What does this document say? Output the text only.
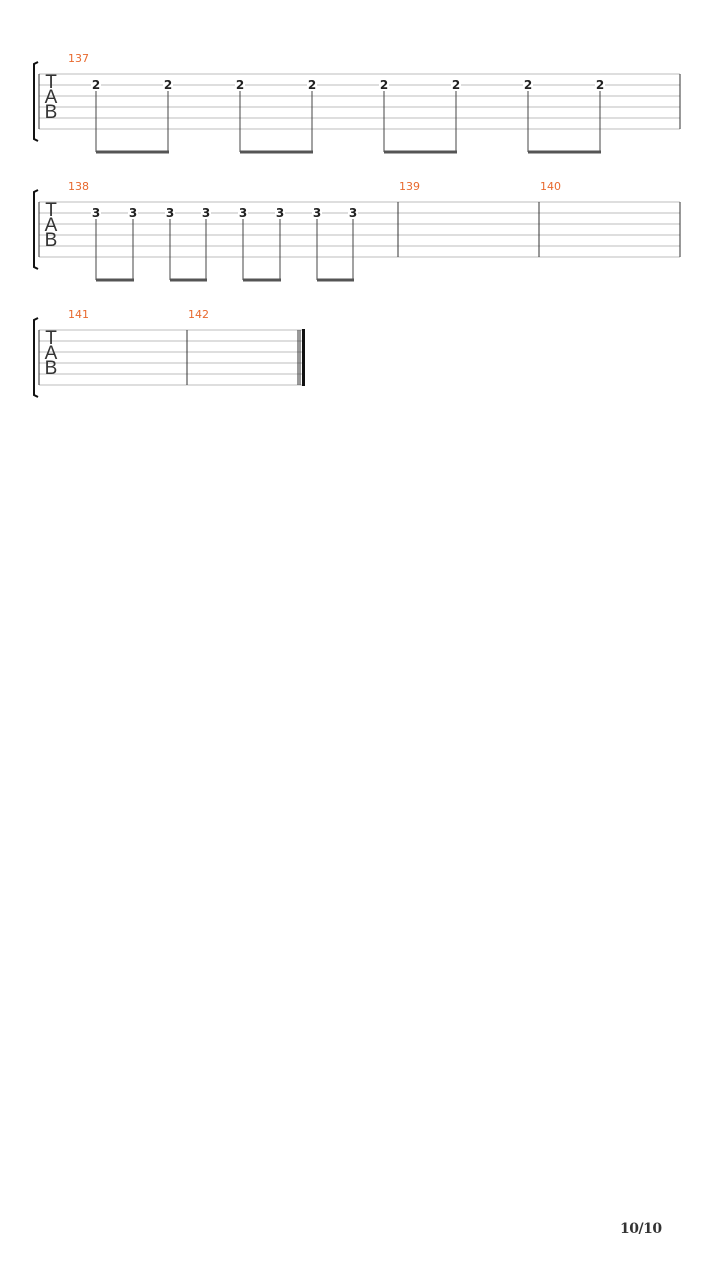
T
A
B
137
2	2	2	2	2	2	2	2
T
A
B
138
3 3 3 3 3 3 3 3
139	140
T
A
B
141	142
10/10
